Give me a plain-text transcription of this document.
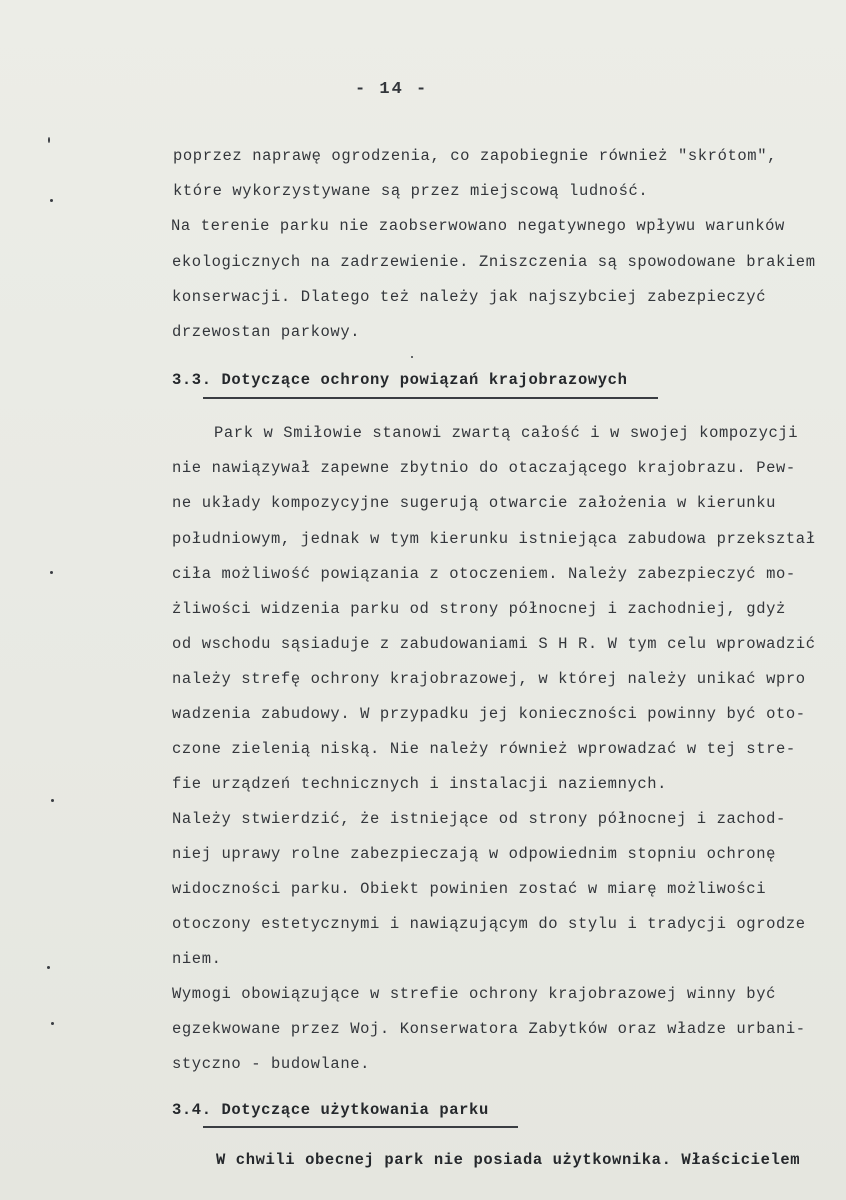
- 14 -
poprzez naprawę ogrodzenia, co zapobiegnie również "skrótom",
które wykorzystywane są przez miejscową ludność.
Na terenie parku nie zaobserwowano negatywnego wpływu warunków
ekologicznych na zadrzewienie. Zniszczenia są spowodowane brakiem
konserwacji. Dlatego też należy jak najszybciej zabezpieczyć
drzewostan parkowy.
3.3. Dotyczące ochrony powiązań krajobrazowych
Park w Smiłowie stanowi zwartą całość i w swojej kompozycji
nie nawiązywał zapewne zbytnio do otaczającego krajobrazu. Pew-
ne układy kompozycyjne sugerują otwarcie założenia w kierunku
południowym, jednak w tym kierunku istniejąca zabudowa przekształ
ciła możliwość powiązania z otoczeniem. Należy zabezpieczyć mo-
żliwości widzenia parku od strony północnej i zachodniej, gdyż
od wschodu sąsiaduje z zabudowaniami S H R. W tym celu wprowadzić
należy strefę ochrony krajobrazowej, w której należy unikać wpro
wadzenia zabudowy. W przypadku jej konieczności powinny być oto-
czone zielenią niską. Nie należy również wprowadzać w tej stre-
fie urządzeń technicznych i instalacji naziemnych.
Należy stwierdzić, że istniejące od strony północnej i zachod-
niej uprawy rolne zabezpieczają w odpowiednim stopniu ochronę
widoczności parku. Obiekt powinien zostać w miarę możliwości
otoczony estetycznymi i nawiązującym do stylu i tradycji ogrodze
niem.
Wymogi obowiązujące w strefie ochrony krajobrazowej winny być
egzekwowane przez Woj. Konserwatora Zabytków oraz władze urbani-
styczno - budowlane.
3.4. Dotyczące użytkowania parku
W chwili obecnej park nie posiada użytkownika. Właścicielem
